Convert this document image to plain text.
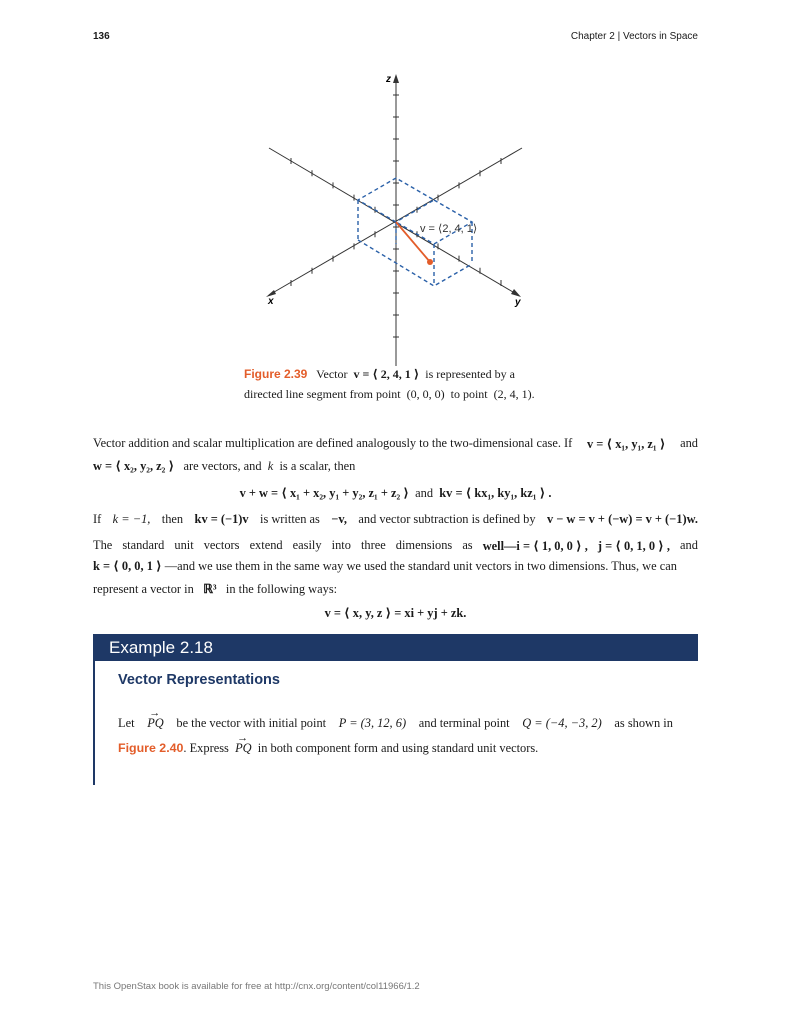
136	Chapter 2 | Vectors in Space
z
x	y
v = ⟨2, 4, 1⟩
Figure 2.39 Vector v = ⟨ 2, 4, 1 ⟩ is represented by a
directed line segment from point (0, 0, 0) to point (2, 4, 1).
Vector addition and scalar multiplication are defined analogously to the two-dimensional case. If v = ⟨ x₁, y₁, z₁ ⟩ and
w = ⟨ x₂, y₂, z₂ ⟩ are vectors, and k is a scalar, then
v + w = ⟨ x₁ + x₂, y₁ + y₂, z₁ + z₂ ⟩ and kv = ⟨ kx₁, ky₁, kz₁ ⟩ .
If k = −1, then kv = (−1)v is written as −v, and vector subtraction is defined by v − w = v + (−w) = v + (−1)w.
The standard unit vectors extend easily into three dimensions as well—i = ⟨ 1, 0, 0 ⟩ , j = ⟨ 0, 1, 0 ⟩ , and
k = ⟨ 0, 0, 1 ⟩ —and we use them in the same way we used the standard unit vectors in two dimensions. Thus, we can
represent a vector in ℝ³ in the following ways:
v = ⟨ x, y, z ⟩ = xi + yj + zk.
Example 2.18
Vector Representations
Let → PQ be the vector with initial point P = (3, 12, 6) and terminal point Q = (−4, −3, 2) as shown in
Figure 2.40. Express → PQ in both component form and using standard unit vectors.
This OpenStax book is available for free at http://cnx.org/content/col11966/1.2
